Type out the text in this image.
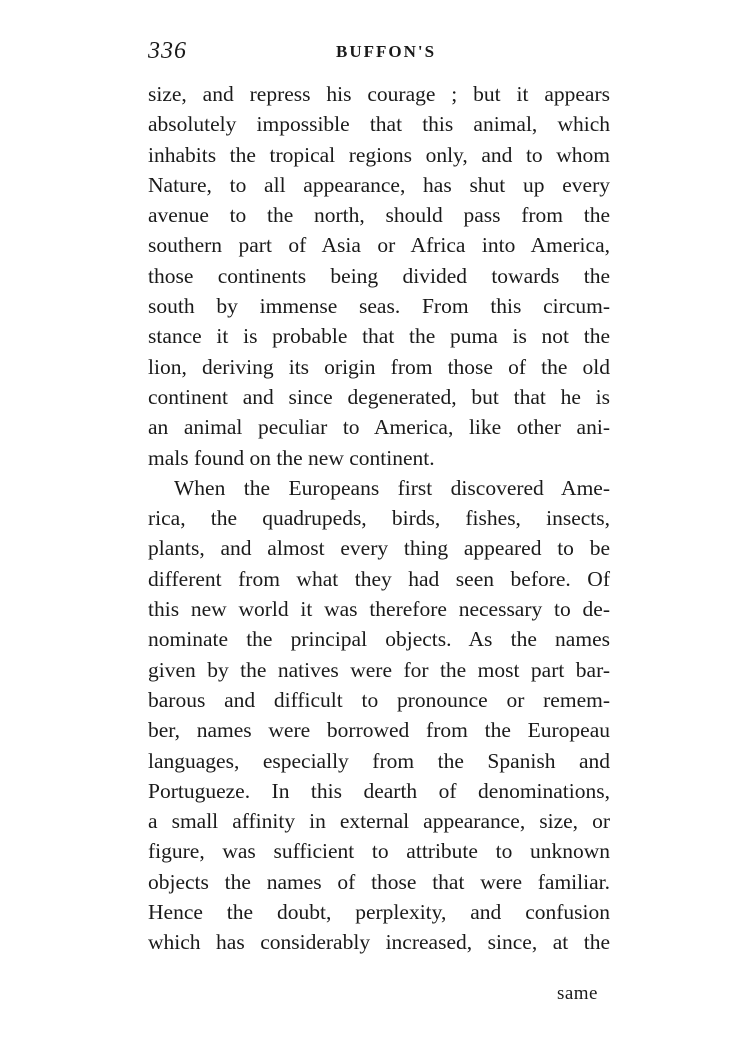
336	BUFFON'S
size, and repress his courage ; but it appears
absolutely impossible that this animal, which
inhabits the tropical regions only, and to whom
Nature, to all appearance, has shut up every
avenue to the north, should pass from the
southern part of Asia or Africa into America,
those continents being divided towards the
south by immense seas. From this circum-
stance it is probable that the puma is not the
lion, deriving its origin from those of the old
continent and since degenerated, but that he is
an animal peculiar to America, like other ani-
mals found on the new continent.
When the Europeans first discovered Ame-
rica, the quadrupeds, birds, fishes, insects,
plants, and almost every thing appeared to be
different from what they had seen before. Of
this new world it was therefore necessary to de-
nominate the principal objects. As the names
given by the natives were for the most part bar-
barous and difficult to pronounce or remem-
ber, names were borrowed from the Europeau
languages, especially from the Spanish and
Portugueze. In this dearth of denominations,
a small affinity in external appearance, size, or
figure, was sufficient to attribute to unknown
objects the names of those that were familiar.
Hence the doubt, perplexity, and confusion
which has considerably increased, since, at the
same
